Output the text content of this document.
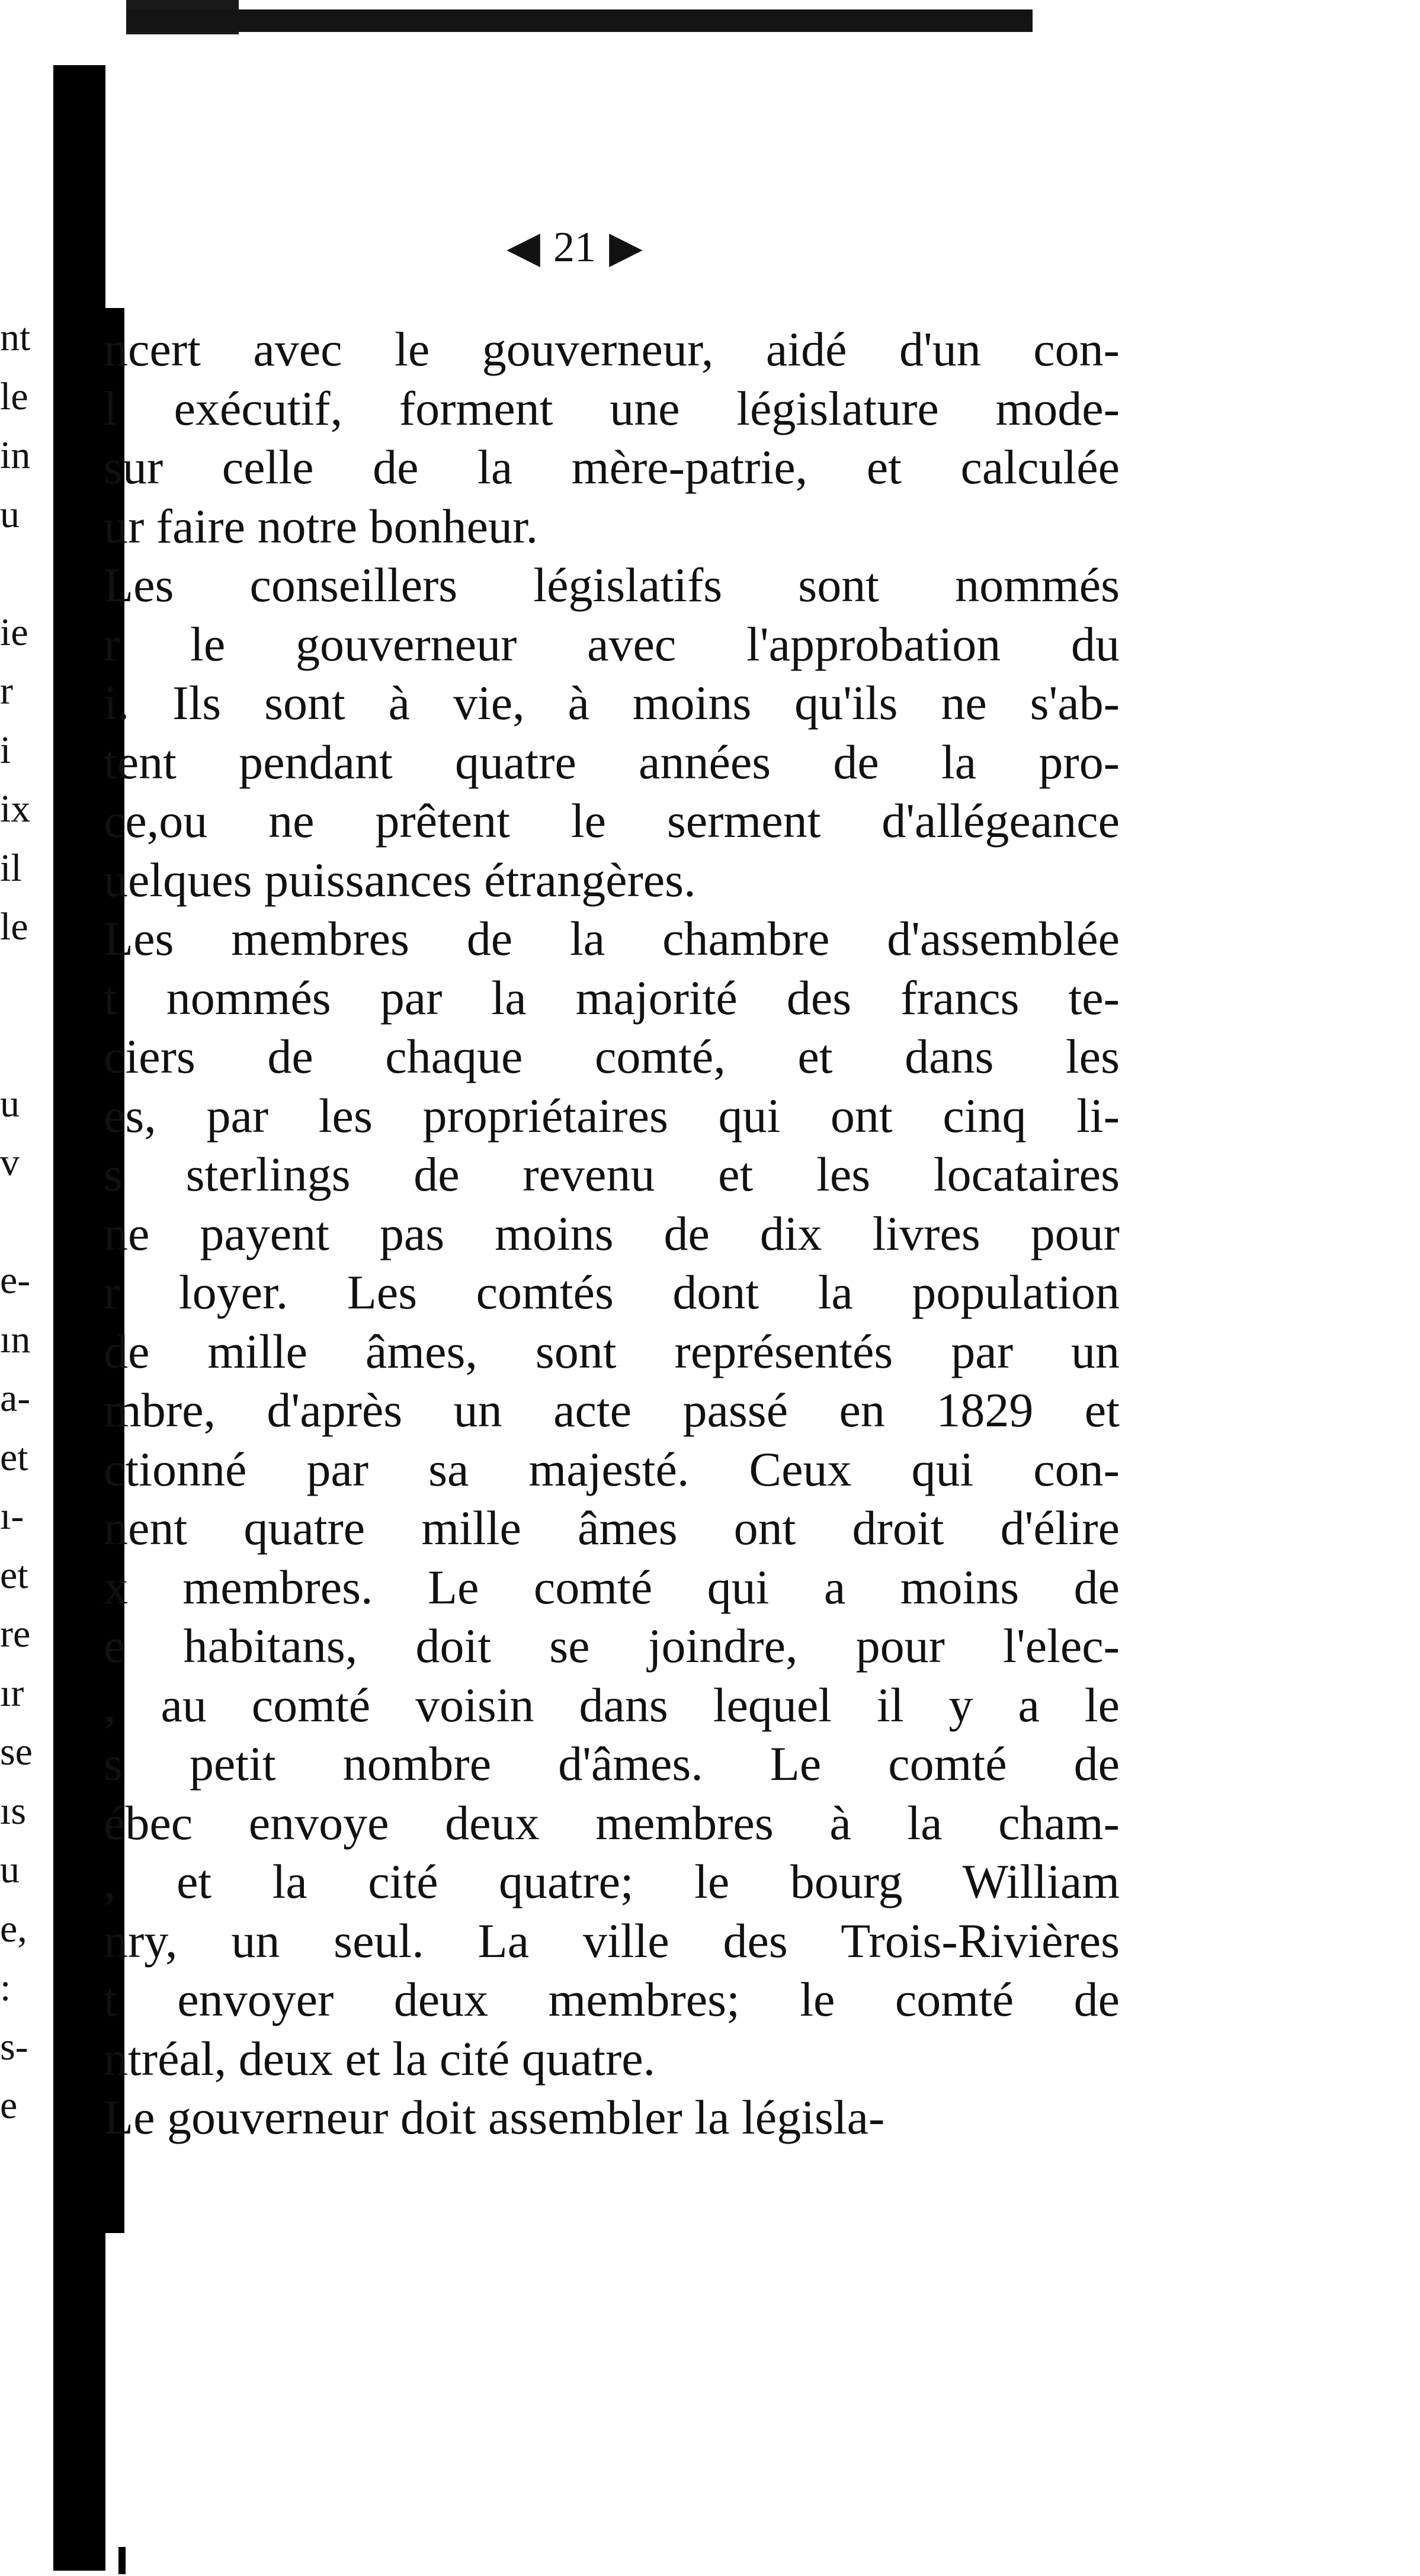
nt
le
in
u
ie
r
i
ix
il
le
u
v
e-
ın
a-
et
ı-
et
re
ır
se
ıs
u
e,
:
s-
e
◀ 21 ▶
ncert avec le gouverneur, aidé d'un con-
l exécutif, forment une législature mode-
sur celle de la mère-patrie, et calculée
ur faire notre bonheur.
Les conseillers législatifs sont nommés
r le gouverneur avec l'approbation du
i. Ils sont à vie, à moins qu'ils ne s'ab-
tent pendant quatre années de la pro-
ce,ou ne prêtent le serment d'allégeance
uelques puissances étrangères.
Les membres de la chambre d'assemblée
t nommés par la majorité des francs te-
ciers de chaque comté, et dans les
es, par les propriétaires qui ont cinq li-
s sterlings de revenu et les locataires
ne payent pas moins de dix livres pour
r loyer. Les comtés dont la population
de mille âmes, sont représentés par un
mbre, d'après un acte passé en 1829 et
ctionné par sa majesté. Ceux qui con-
nent quatre mille âmes ont droit d'élire
x membres. Le comté qui a moins de
e habitans, doit se joindre, pour l'elec-
, au comté voisin dans lequel il y a le
s petit nombre d'âmes. Le comté de
ébec envoye deux membres à la cham-
, et la cité quatre; le bourg William
nry, un seul. La ville des Trois-Rivières
t envoyer deux membres; le comté de
ntréal, deux et la cité quatre.
Le gouverneur doit assembler la législa-
